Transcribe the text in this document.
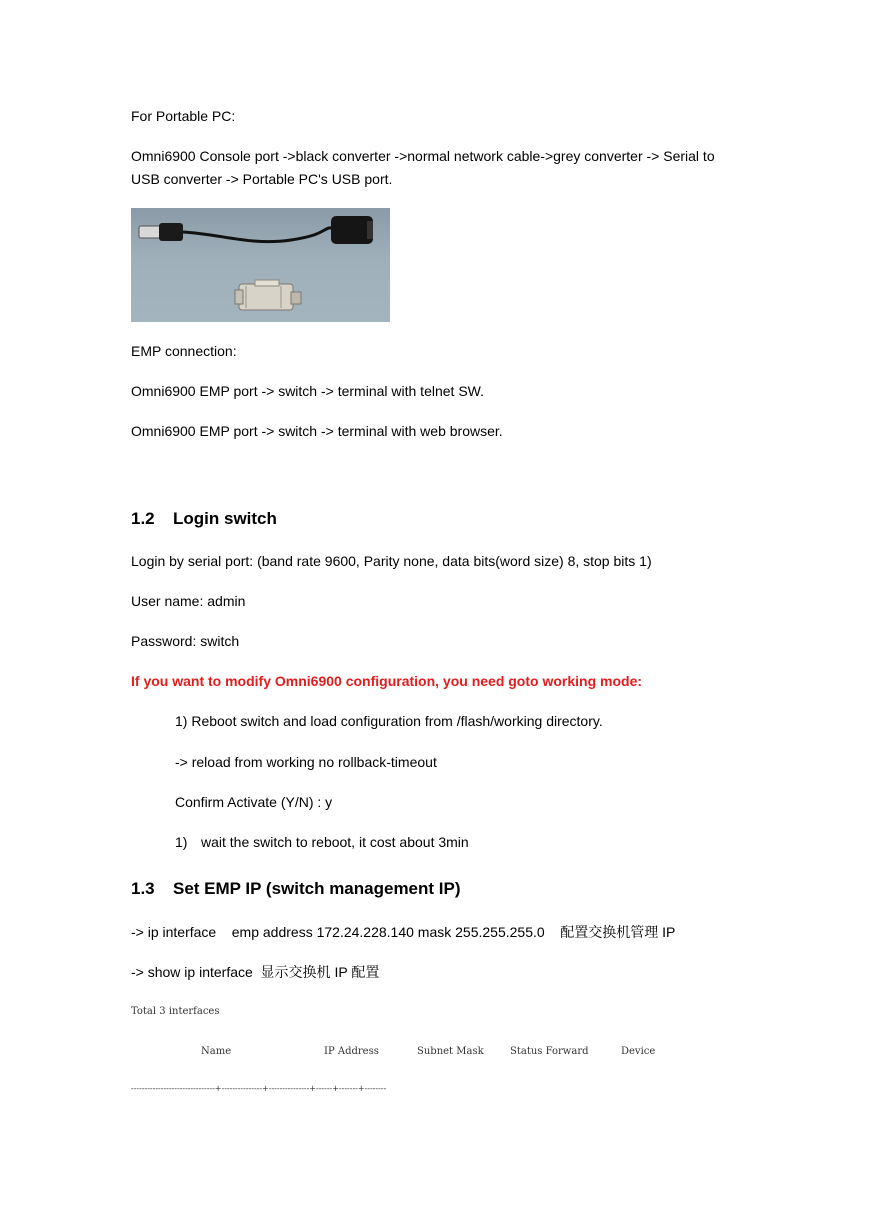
For Portable PC:
Omni6900 Console port ->black converter ->normal network cable->grey converter -> Serial to
USB converter -> Portable PC's USB port.
EMP connection:
Omni6900 EMP port -> switch -> terminal with telnet SW.
Omni6900 EMP port -> switch -> terminal with web browser.
1.2 Login switch
Login by serial port: (band rate 9600, Parity none, data bits(word size) 8, stop bits 1)
User name: admin
Password: switch
If you want to modify Omni6900 configuration, you need goto working mode:
1) Reboot switch and load configuration from /flash/working directory.
-> reload from working no rollback-timeout
Confirm Activate (Y/N) : y
1) wait the switch to reboot, it cost about 3min
1.3 Set EMP IP (switch management IP)
-> ip interface    emp address 172.24.228.140 mask 255.255.255.0    配置交换机管理 IP
-> show ip interface  显示交换机 IP 配置
Total 3 interfaces
Name	IP Address	Subnet Mask	Status Forward	Device
-------------------------------+---------------+---------------+------+-------+--------
